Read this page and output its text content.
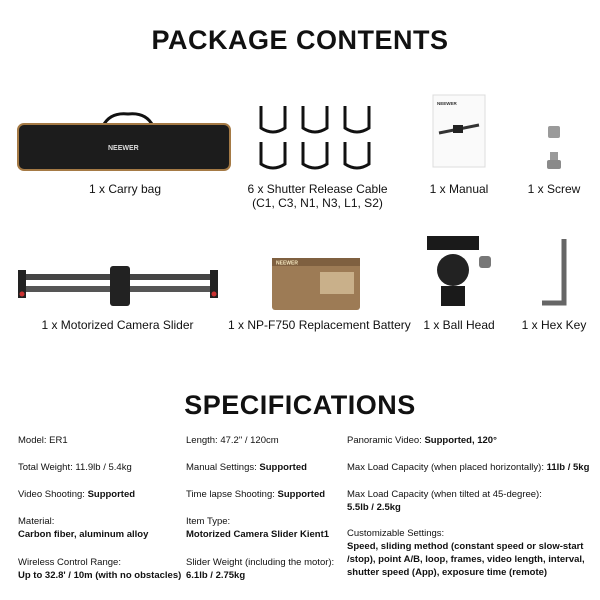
PACKAGE CONTENTS
NEEWER
1 x Carry bag	6 x Shutter Release Cable
(C1, C3, N1, N3, L1, S2)
NEEWER
1 x Manual	1 x Screw
1 x Motorized Camera Slider
NEEWER
1 x NP-F750 Replacement Battery	1 x Ball Head	1 x Hex Key
SPECIFICATIONS
Model: ER1
Total Weight: 11.9lb / 5.4kg
Video Shooting: Supported
Material:
Carbon fiber, aluminum alloy
Wireless Control Range:
Up to 32.8' / 10m (with no obstacles)
Length: 47.2" / 120cm
Manual Settings: Supported
Time lapse Shooting: Supported
Item Type:
Motorized Camera Slider Kient1
Slider Weight (including the motor):
6.1lb / 2.75kg
Panoramic Video: Supported, 120°
Max Load Capacity (when placed horizontally): 11lb / 5kg
Max Load Capacity (when tilted at 45-degree):
5.5lb / 2.5kg
Customizable Settings:
Speed, sliding method (constant speed or slow-start /stop), point A/B, loop, frames, video length, interval, shutter speed (App), exposure time (remote)
